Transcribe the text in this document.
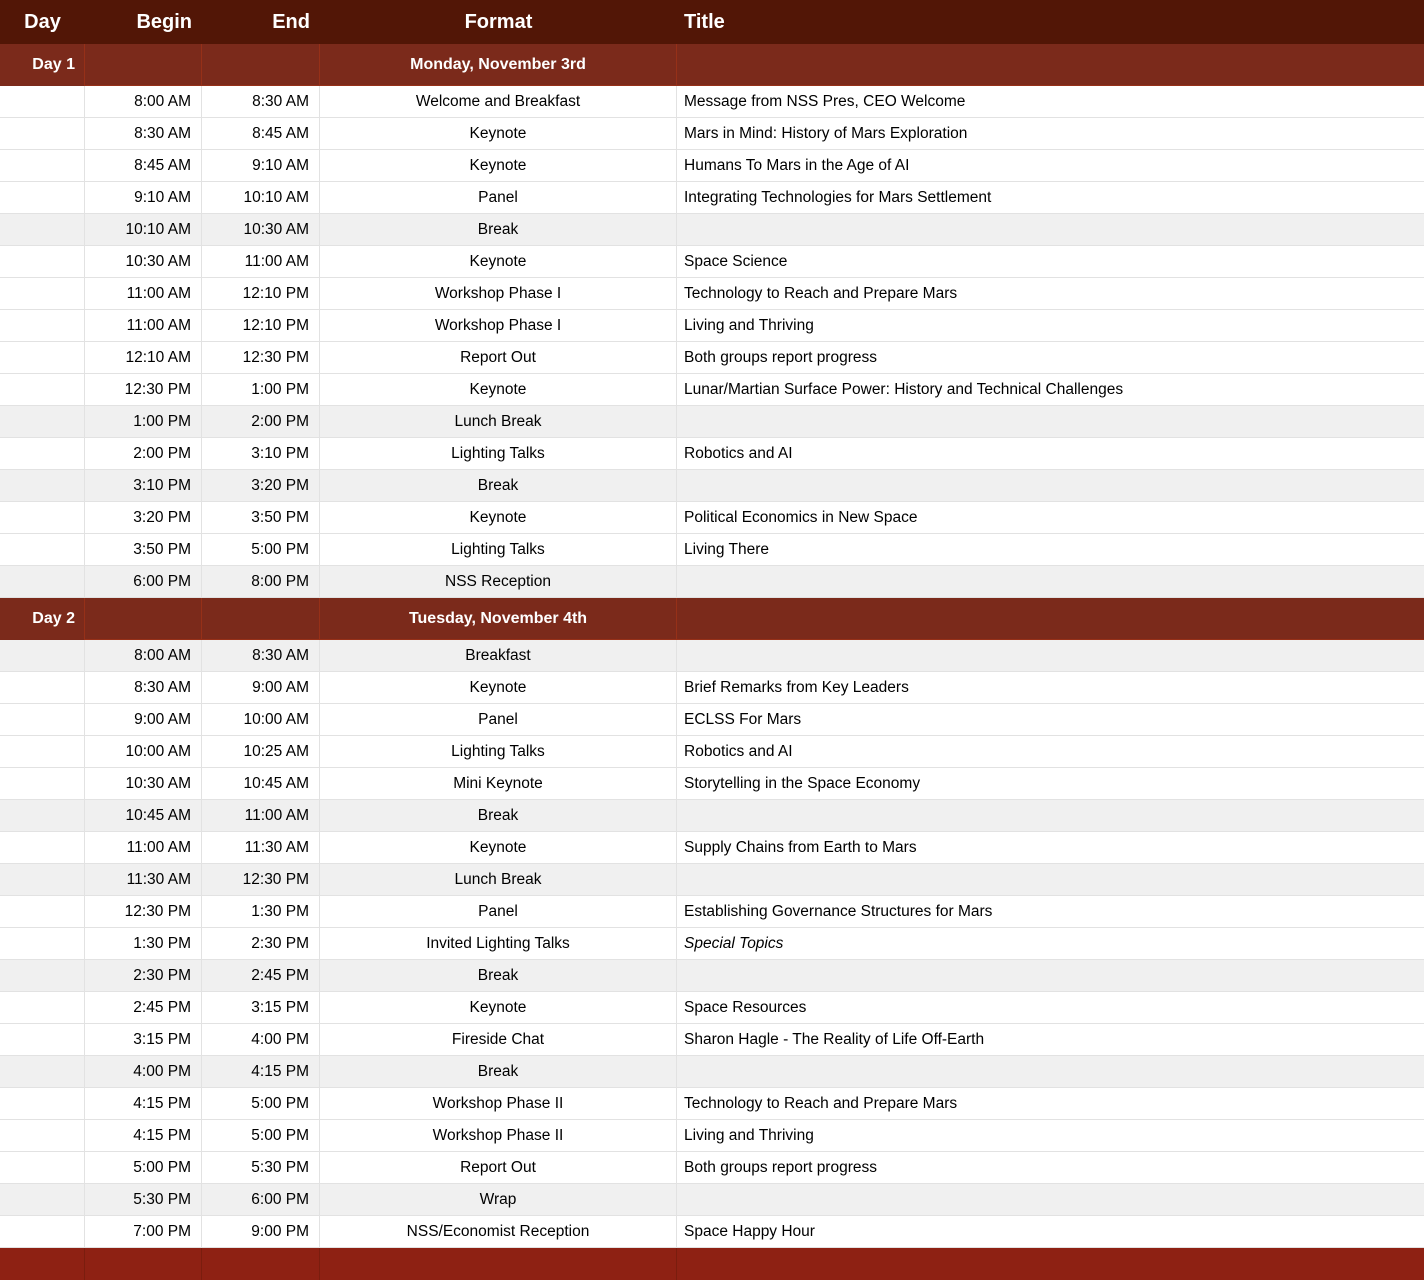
Day	Begin	End	Format	Title
Day 1			Monday, November 3rd	
	8:00 AM	8:30 AM	Welcome and Breakfast	Message from NSS Pres, CEO Welcome
	8:30 AM	8:45 AM	Keynote	Mars in Mind: History of Mars Exploration
	8:45 AM	9:10 AM	Keynote	Humans To Mars in the Age of AI
	9:10 AM	10:10 AM	Panel	Integrating Technologies for Mars Settlement
	10:10 AM	10:30 AM	Break	
	10:30 AM	11:00 AM	Keynote	Space Science
	11:00 AM	12:10 PM	Workshop Phase I	Technology to Reach and Prepare Mars
	11:00 AM	12:10 PM	Workshop Phase I	Living and Thriving
	12:10 AM	12:30 PM	Report Out	Both groups report progress
	12:30 PM	1:00 PM	Keynote	Lunar/Martian Surface Power: History and Technical Challenges
	1:00 PM	2:00 PM	Lunch Break	
	2:00 PM	3:10 PM	Lighting Talks	Robotics and AI
	3:10 PM	3:20 PM	Break	
	3:20 PM	3:50 PM	Keynote	Political Economics in New Space
	3:50 PM	5:00 PM	Lighting Talks	Living There
	6:00 PM	8:00 PM	NSS Reception	
Day 2			Tuesday, November 4th	
	8:00 AM	8:30 AM	Breakfast	
	8:30 AM	9:00 AM	Keynote	Brief Remarks from Key Leaders
	9:00 AM	10:00 AM	Panel	ECLSS For Mars
	10:00 AM	10:25 AM	Lighting Talks	Robotics and AI
	10:30 AM	10:45 AM	Mini Keynote	Storytelling in the Space Economy
	10:45 AM	11:00 AM	Break	
	11:00 AM	11:30 AM	Keynote	Supply Chains from Earth to Mars
	11:30 AM	12:30 PM	Lunch Break	
	12:30 PM	1:30 PM	Panel	Establishing Governance Structures for Mars
	1:30 PM	2:30 PM	Invited Lighting Talks	Special Topics
	2:30 PM	2:45 PM	Break	
	2:45 PM	3:15 PM	Keynote	Space Resources
	3:15 PM	4:00 PM	Fireside Chat	Sharon Hagle - The Reality of Life Off-Earth
	4:00 PM	4:15 PM	Break	
	4:15 PM	5:00 PM	Workshop Phase II	Technology to Reach and Prepare Mars
	4:15 PM	5:00 PM	Workshop Phase II	Living and Thriving
	5:00 PM	5:30 PM	Report Out	Both groups report progress
	5:30 PM	6:00 PM	Wrap	
	7:00 PM	9:00 PM	NSS/Economist Reception	Space Happy Hour
